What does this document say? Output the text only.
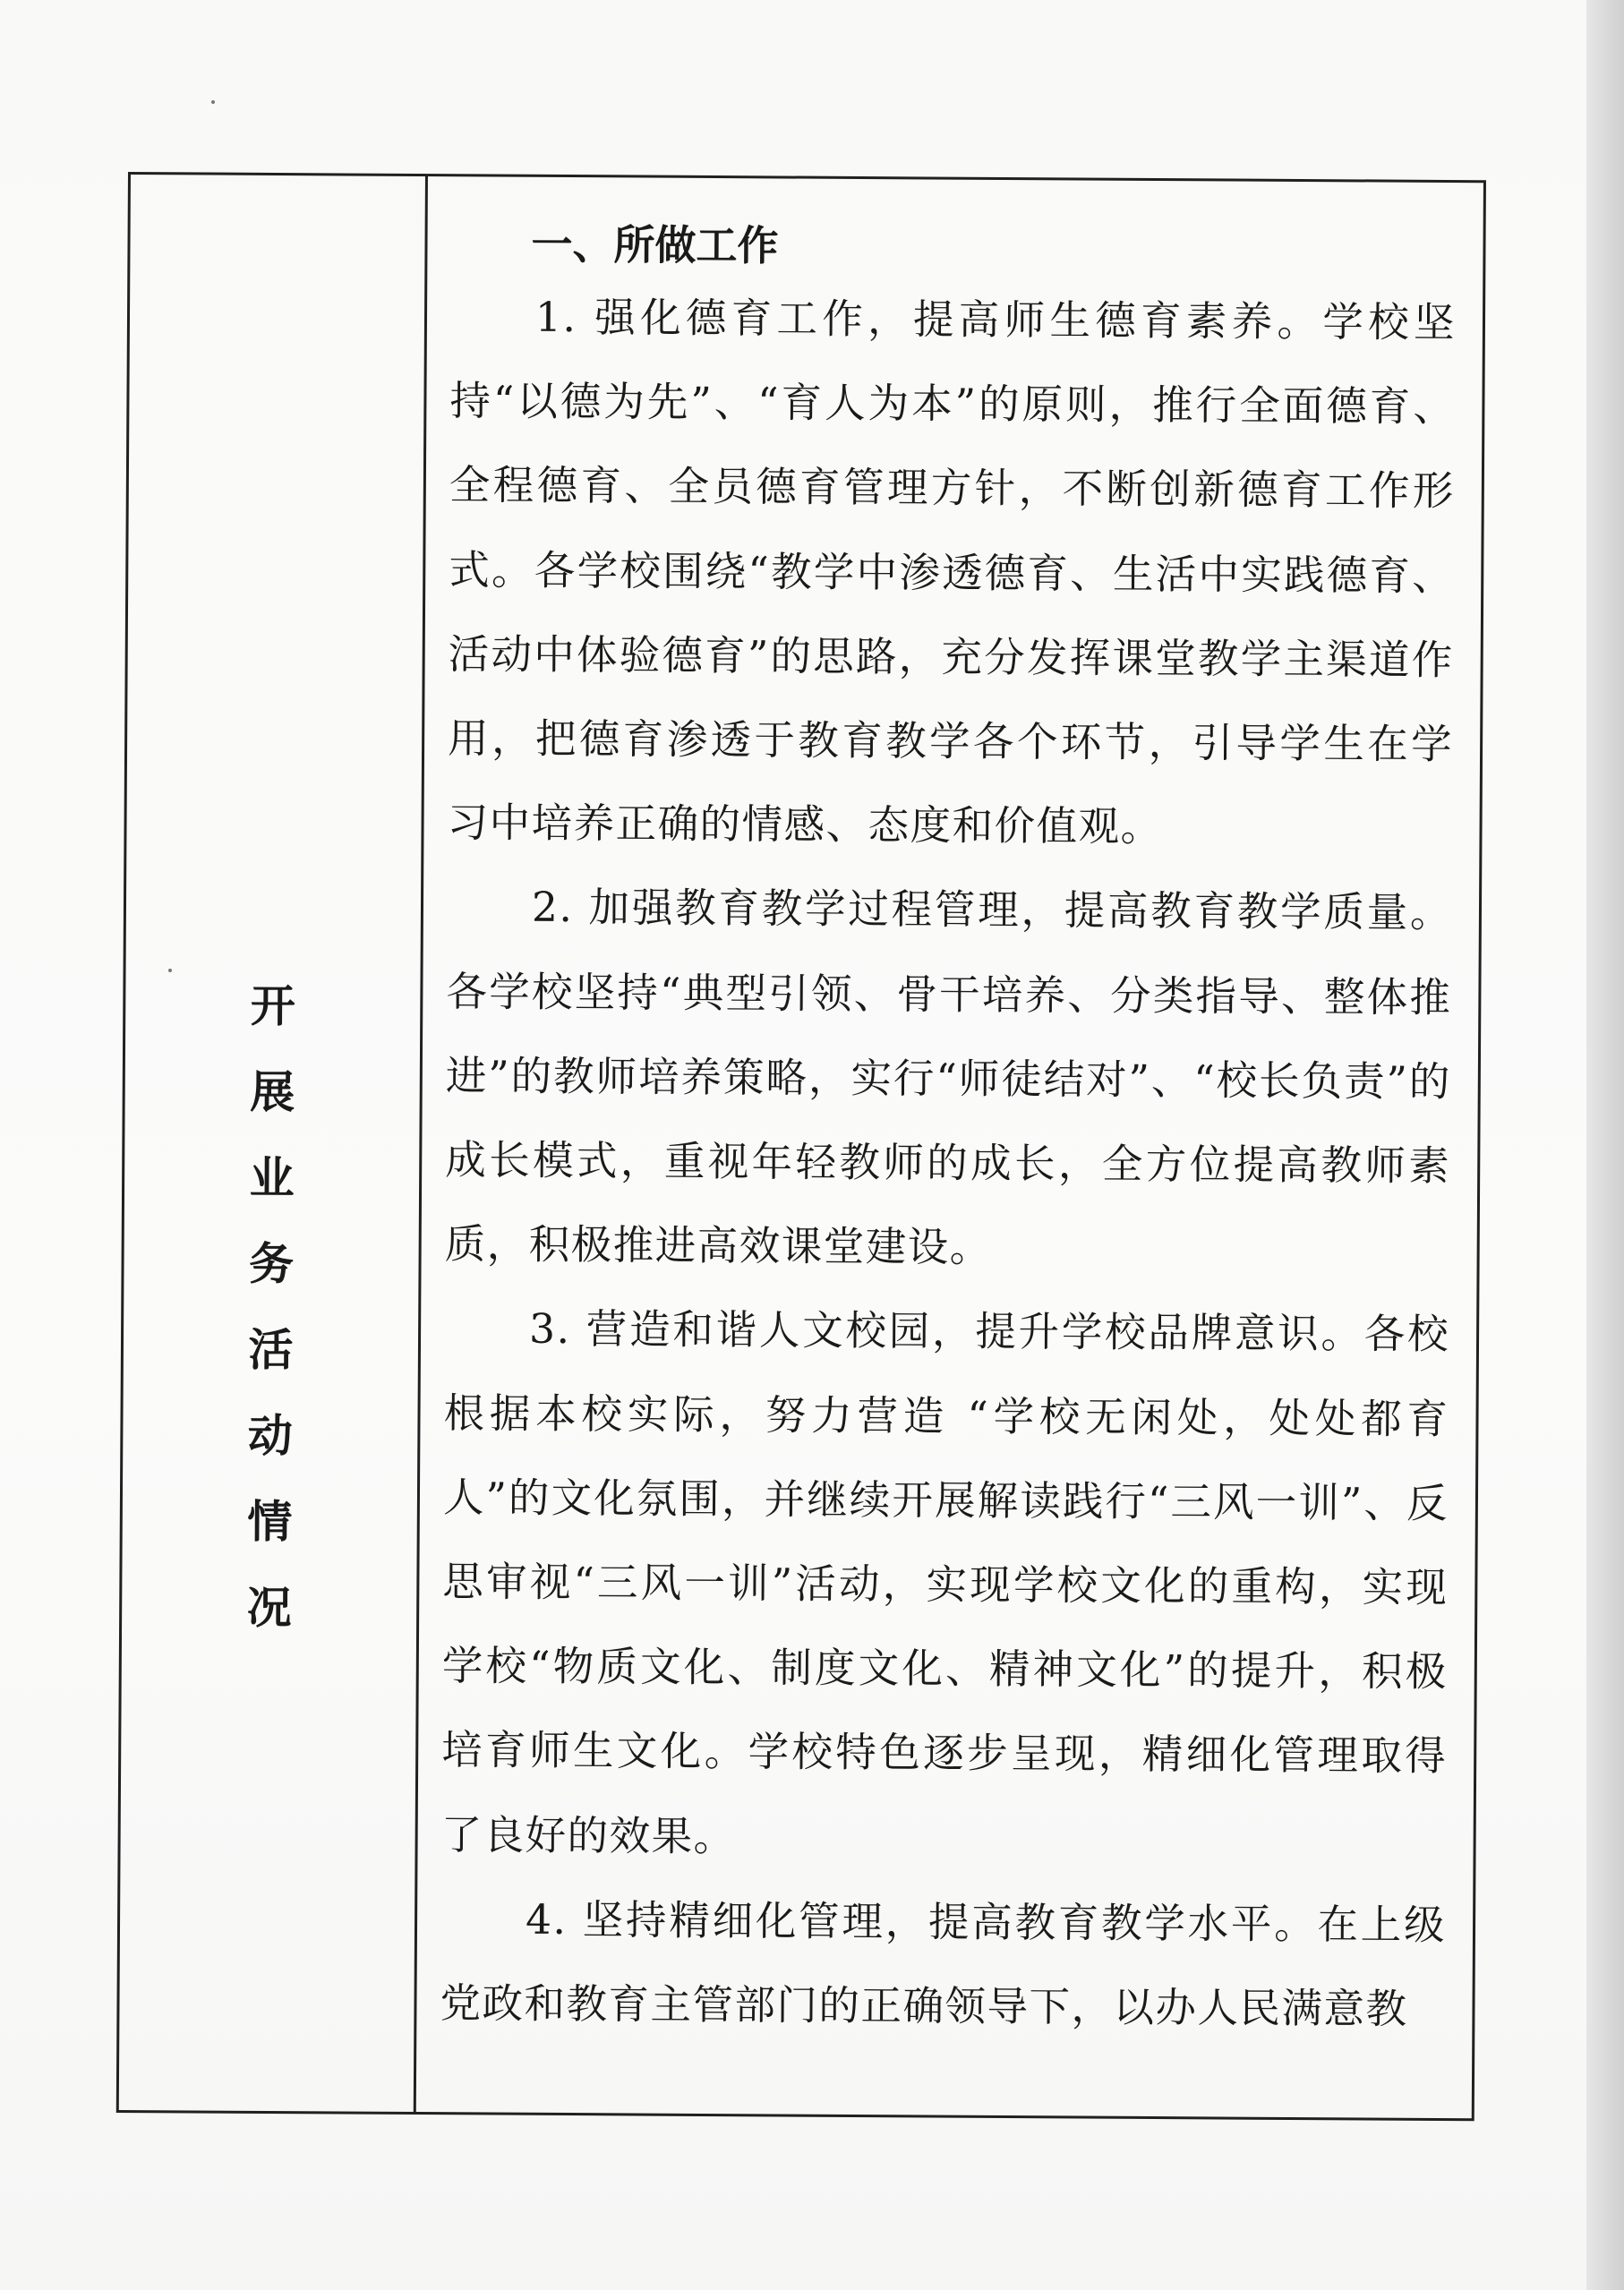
开
展
业
务
活
动
情
况
一、所做工作

1. 强化德育工作，提高师生德育素养。学校坚持“以德为先”、“育人为本”的原则，推行全面德育、全程德育、全员德育管理方针，不断创新德育工作形式。各学校围绕“教学中渗透德育、生活中实践德育、活动中体验德育”的思路，充分发挥课堂教学主渠道作用，把德育渗透于教育教学各个环节，引导学生在学习中培养正确的情感、态度和价值观。

2. 加强教育教学过程管理，提高教育教学质量。各学校坚持“典型引领、骨干培养、分类指导、整体推进”的教师培养策略，实行“师徒结对”、“校长负责”的成长模式，重视年轻教师的成长，全方位提高教师素质，积极推进高效课堂建设。

3. 营造和谐人文校园，提升学校品牌意识。各校根据本校实际，努力营造 “学校无闲处，处处都育人”的文化氛围，并继续开展解读践行“三风一训”、反思审视“三风一训”活动，实现学校文化的重构，实现学校“物质文化、制度文化、精神文化”的提升，积极培育师生文化。学校特色逐步呈现，精细化管理取得了良好的效果。

4. 坚持精细化管理，提高教育教学水平。在上级党政和教育主管部门的正确领导下，以办人民满意教
